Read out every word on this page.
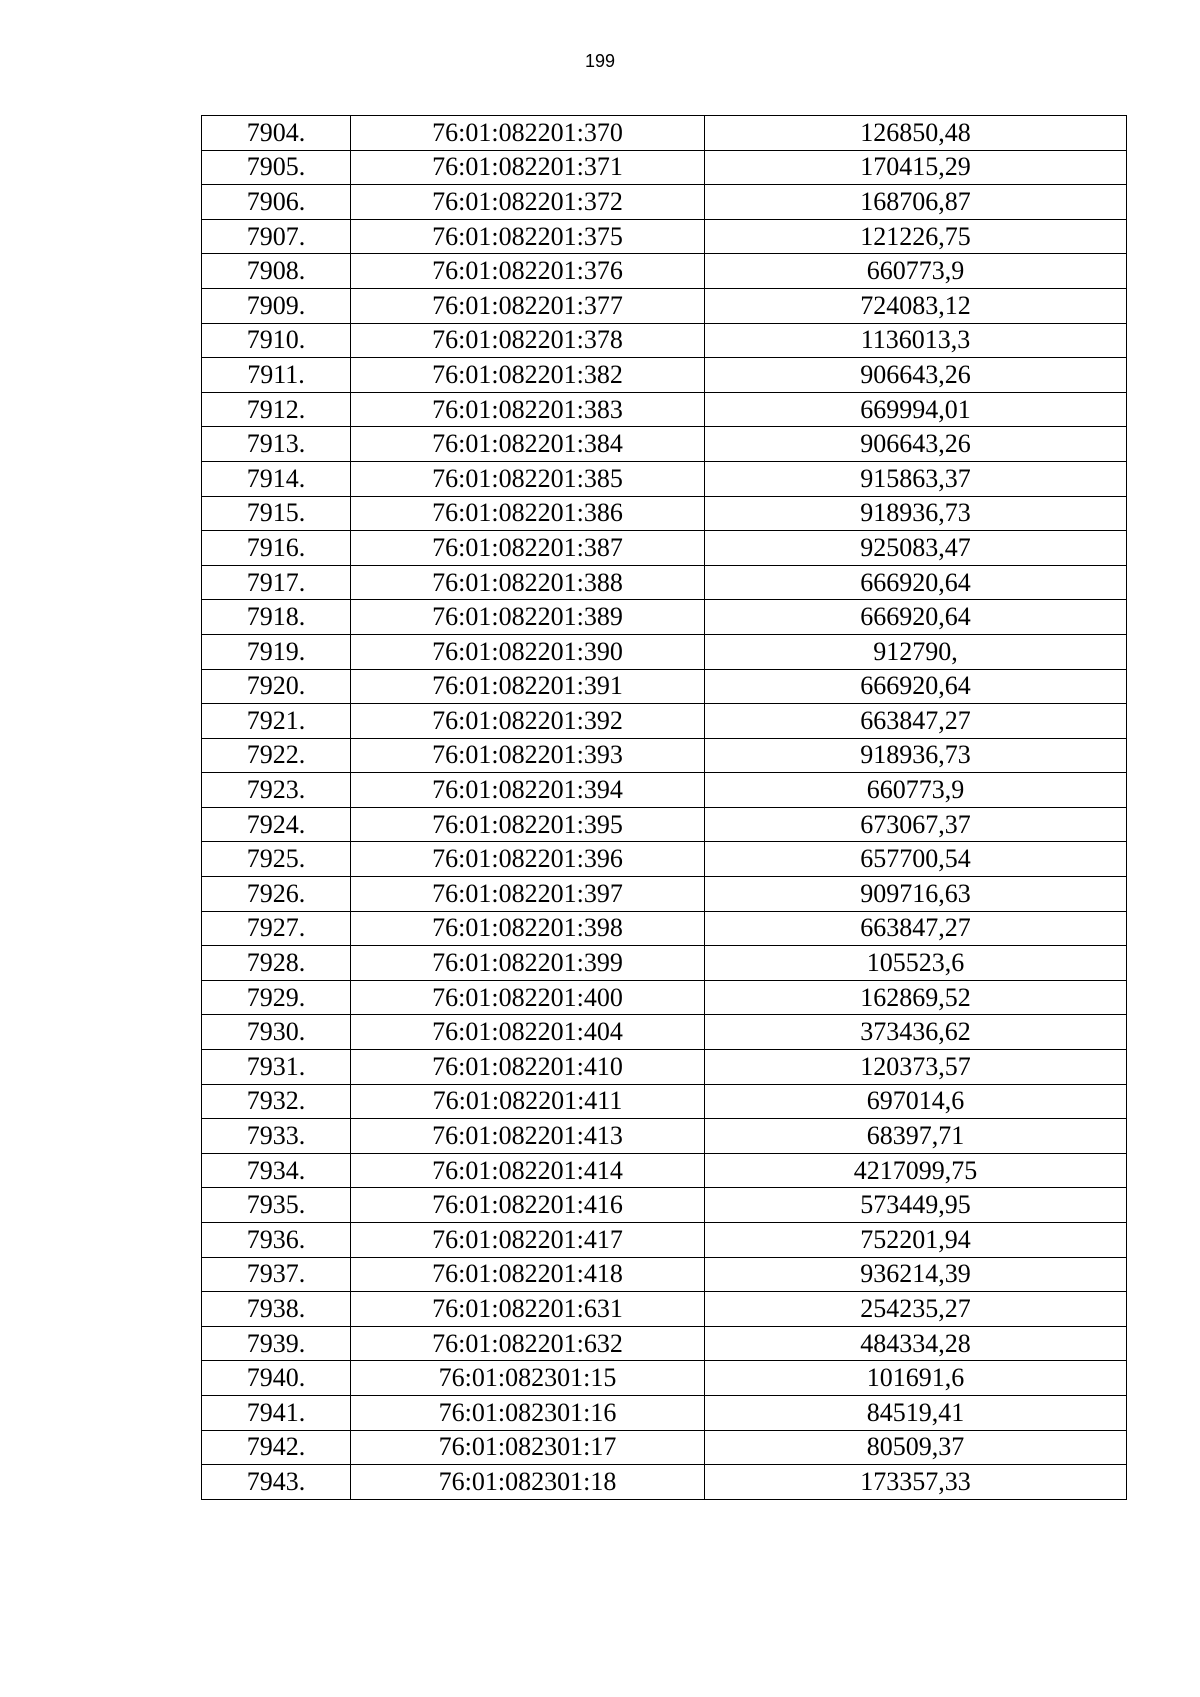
199
7904.	76:01:082201:370	126850,48
7905.	76:01:082201:371	170415,29
7906.	76:01:082201:372	168706,87
7907.	76:01:082201:375	121226,75
7908.	76:01:082201:376	660773,9
7909.	76:01:082201:377	724083,12
7910.	76:01:082201:378	1136013,3
7911.	76:01:082201:382	906643,26
7912.	76:01:082201:383	669994,01
7913.	76:01:082201:384	906643,26
7914.	76:01:082201:385	915863,37
7915.	76:01:082201:386	918936,73
7916.	76:01:082201:387	925083,47
7917.	76:01:082201:388	666920,64
7918.	76:01:082201:389	666920,64
7919.	76:01:082201:390	912790,
7920.	76:01:082201:391	666920,64
7921.	76:01:082201:392	663847,27
7922.	76:01:082201:393	918936,73
7923.	76:01:082201:394	660773,9
7924.	76:01:082201:395	673067,37
7925.	76:01:082201:396	657700,54
7926.	76:01:082201:397	909716,63
7927.	76:01:082201:398	663847,27
7928.	76:01:082201:399	105523,6
7929.	76:01:082201:400	162869,52
7930.	76:01:082201:404	373436,62
7931.	76:01:082201:410	120373,57
7932.	76:01:082201:411	697014,6
7933.	76:01:082201:413	68397,71
7934.	76:01:082201:414	4217099,75
7935.	76:01:082201:416	573449,95
7936.	76:01:082201:417	752201,94
7937.	76:01:082201:418	936214,39
7938.	76:01:082201:631	254235,27
7939.	76:01:082201:632	484334,28
7940.	76:01:082301:15	101691,6
7941.	76:01:082301:16	84519,41
7942.	76:01:082301:17	80509,37
7943.	76:01:082301:18	173357,33
